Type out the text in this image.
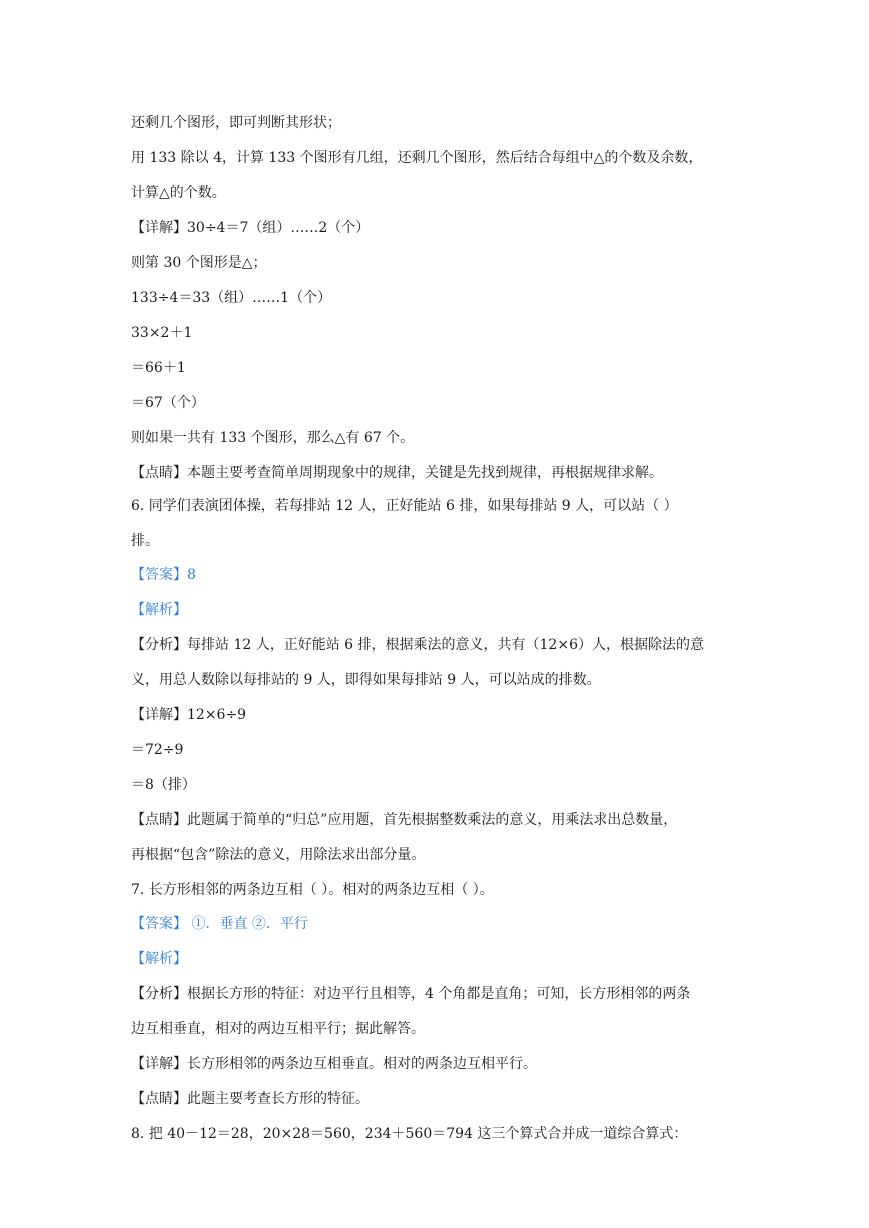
还剩几个图形，即可判断其形状；
用 133 除以 4，计算 133 个图形有几组，还剩几个图形，然后结合每组中△的个数及余数，
计算△的个数。
【详解】30÷4＝7（组）……2（个）
则第 30 个图形是△；
133÷4＝33（组）……1（个）
33×2＋1
＝66＋1
＝67（个）
则如果一共有 133 个图形，那么△有 67 个。
【点睛】本题主要考查简单周期现象中的规律，关键是先找到规律，再根据规律求解。
6. 同学们表演团体操，若每排站 12 人，正好能站 6 排，如果每排站 9 人，可以站（ ）
排。
【答案】8
【解析】
【分析】每排站 12 人，正好能站 6 排，根据乘法的意义，共有（12×6）人，根据除法的意
义，用总人数除以每排站的 9 人，即得如果每排站 9 人，可以站成的排数。
【详解】12×6÷9
＝72÷9
＝8（排）
【点睛】此题属于简单的“归总”应用题，首先根据整数乘法的意义，用乘法求出总数量，
再根据“包含”除法的意义，用除法求出部分量。
7. 长方形相邻的两条边互相（ ）。相对的两条边互相（ ）。
【答案】 ①．垂直 ②．平行
【解析】
【分析】根据长方形的特征：对边平行且相等，4 个角都是直角；可知，长方形相邻的两条
边互相垂直，相对的两边互相平行；据此解答。
【详解】长方形相邻的两条边互相垂直。相对的两条边互相平行。
【点睛】此题主要考查长方形的特征。
8. 把 40－12＝28，20×28＝560，234＋560＝794 这三个算式合并成一道综合算式：
